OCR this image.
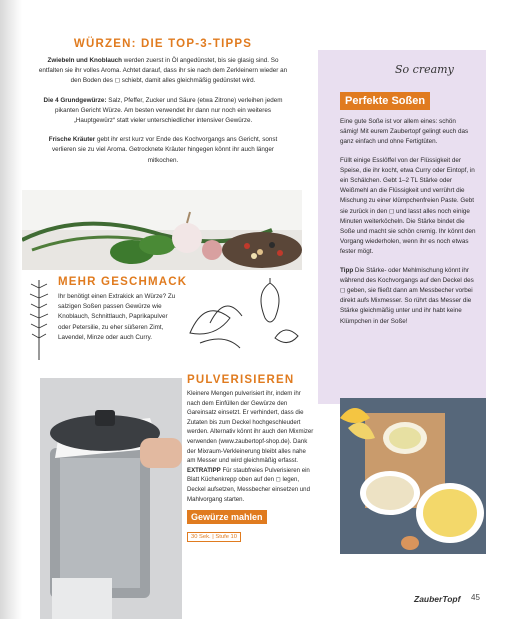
WÜRZEN: DIE TOP-3-TIPPS

Zwiebeln und Knoblauch werden zuerst in Öl angedünstet, bis sie glasig sind. So entfalten sie ihr volles Aroma. Achtet darauf, dass ihr sie nach dem Zerkleinern wieder an den Boden des ◻ schiebt, damit alles gleichmäßig gedünstet wird.

Die 4 Grundgewürze: Salz, Pfeffer, Zucker und Säure (etwa Zitrone) verleihen jedem pikanten Gericht Würze. Am besten verwendet ihr dann nur noch ein weiteres „Hauptgewürz“ statt vieler unterschiedlicher intensiver Gewürze.

Frische Kräuter gebt ihr erst kurz vor Ende des Kochvorgangs ans Gericht, sonst verlieren sie zu viel Aroma. Getrocknete Kräuter hingegen könnt ihr auch länger mitkochen.

MEHR GESCHMACK
Ihr benötigt einen Extrakick an Würze? Zu salzigen Soßen passen Gewürze wie Knoblauch, Schnittlauch, Paprikapulver oder Petersilie, zu eher süßeren Zimt, Lavendel, Minze oder auch Curry.
PULVERISIEREN
Kleinere Mengen pulverisiert ihr, indem ihr nach dem Einfüllen der Gewürze den Gareinsatz einsetzt. Er verhindert, dass die Zutaten bis zum Deckel hochgeschleudert werden. Alternativ könnt ihr auch den Mixmizer verwenden (www.zaubertopf-shop.de). Dank der Mixraum-Verkleinerung bleibt alles nahe am Messer und wird gleichmäßig erfasst.
EXTRATIPP Für staubfreies Pulverisieren ein Blatt Küchenkrepp oben auf den ◻ legen, Deckel aufsetzen, Messbecher einsetzen und Mahlvorgang starten.
Gewürze mahlen
30 Sek. | Stufe 10
So creamy
Perfekte Soßen

Eine gute Soße ist vor allem eines: schön sämig! Mit eurem Zaubertopf gelingt euch das ganz einfach und ohne Fertigtüten.

Füllt einige Esslöffel von der Flüssigkeit der Speise, die ihr kocht, etwa Curry oder Eintopf, in ein Schälchen. Gebt 1–2 TL Stärke oder Weißmehl an die Flüssigkeit und verrührt die Mischung zu einer klümpchenfreien Paste. Gebt sie zurück in den ◻ und lasst alles noch einige Minuten weiterköcheln. Die Stärke bindet die Soße und macht sie schön cremig. Ihr könnt den Vorgang wiederholen, wenn ihr es noch etwas fester mögt.

Tipp Die Stärke- oder Mehlmischung könnt ihr während des Kochvorgangs auf den Deckel des ◻ geben, sie fließt dann am Messbecher vorbei direkt aufs Mixmesser. So rührt das Messer die Stärke gleichmäßig unter und ihr habt keine Klümpchen in der Soße!

ZauberTopf 45
